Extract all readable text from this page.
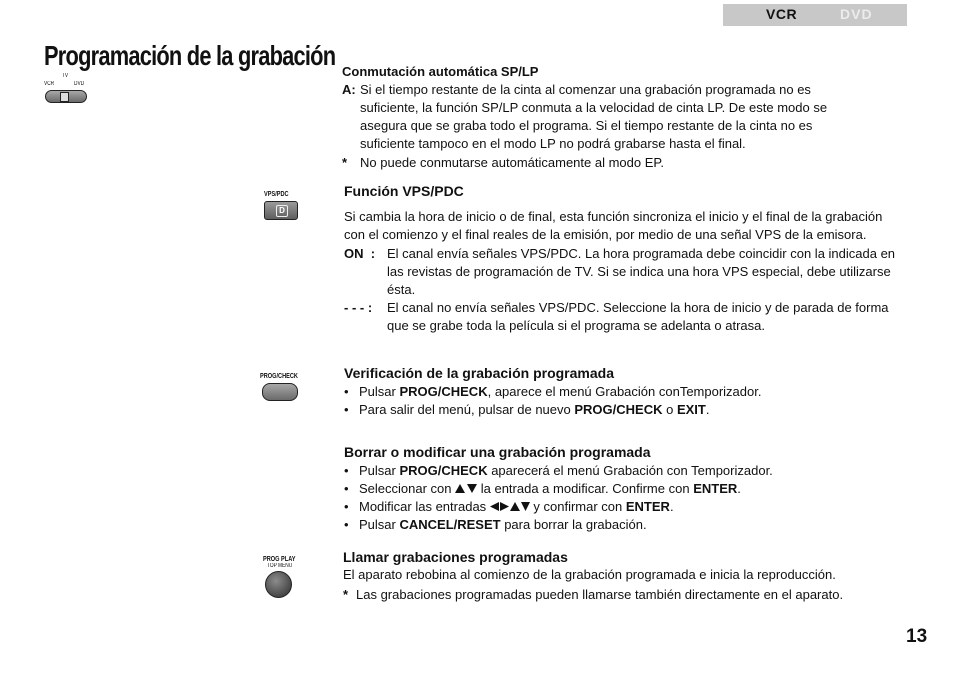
VCR	DVD
Programación de la grabación
TV
VCR	DVD
Conmutación automática SP/LP
A: Si el tiempo restante de la cinta al comenzar una grabación programada no es suficiente, la función SP/LP conmuta a la velocidad de cinta LP. De este modo se asegura que se graba todo el programa. Si el tiempo restante de la cinta no es suficiente tampoco en el modo LP no podrá grabarse hasta el final.
* No puede conmutarse automáticamente al modo EP.
VPS/PDC
D
Función VPS/PDC
Si cambia la hora de inicio o de final, esta función sincroniza el inicio y el final de la grabación con el comienzo y el final reales de la emisión, por medio de una señal VPS de la emisora.
ON  : El canal envía señales VPS/PDC. La hora programada debe coincidir con la indicada en las revistas de programación de TV. Si se indica una hora VPS especial, debe utilizarse ésta.
- - - : El canal no envía señales VPS/PDC. Seleccione la hora de inicio y de parada de forma que se grabe toda la película si el programa se adelanta o atrasa.
PROG/CHECK	Verificación de la grabación programada
• Pulsar PROG/CHECK, aparece el menú Grabación conTemporizador.
• Para salir del menú, pulsar de nuevo PROG/CHECK o EXIT.
Borrar o modificar una grabación programada
• Pulsar PROG/CHECK aparecerá el menú Grabación con Temporizador.
• Seleccionar con  la entrada a modificar. Confirme con ENTER.
• Modificar las entradas	y confirmar con ENTER.
• Pulsar CANCEL/RESET para borrar la grabación.
PROG PLAY
TOP MENU
Llamar grabaciones programadas
El aparato rebobina al comienzo de la grabación programada e inicia la reproducción.
* Las grabaciones programadas pueden llamarse también directamente en el aparato.
13
